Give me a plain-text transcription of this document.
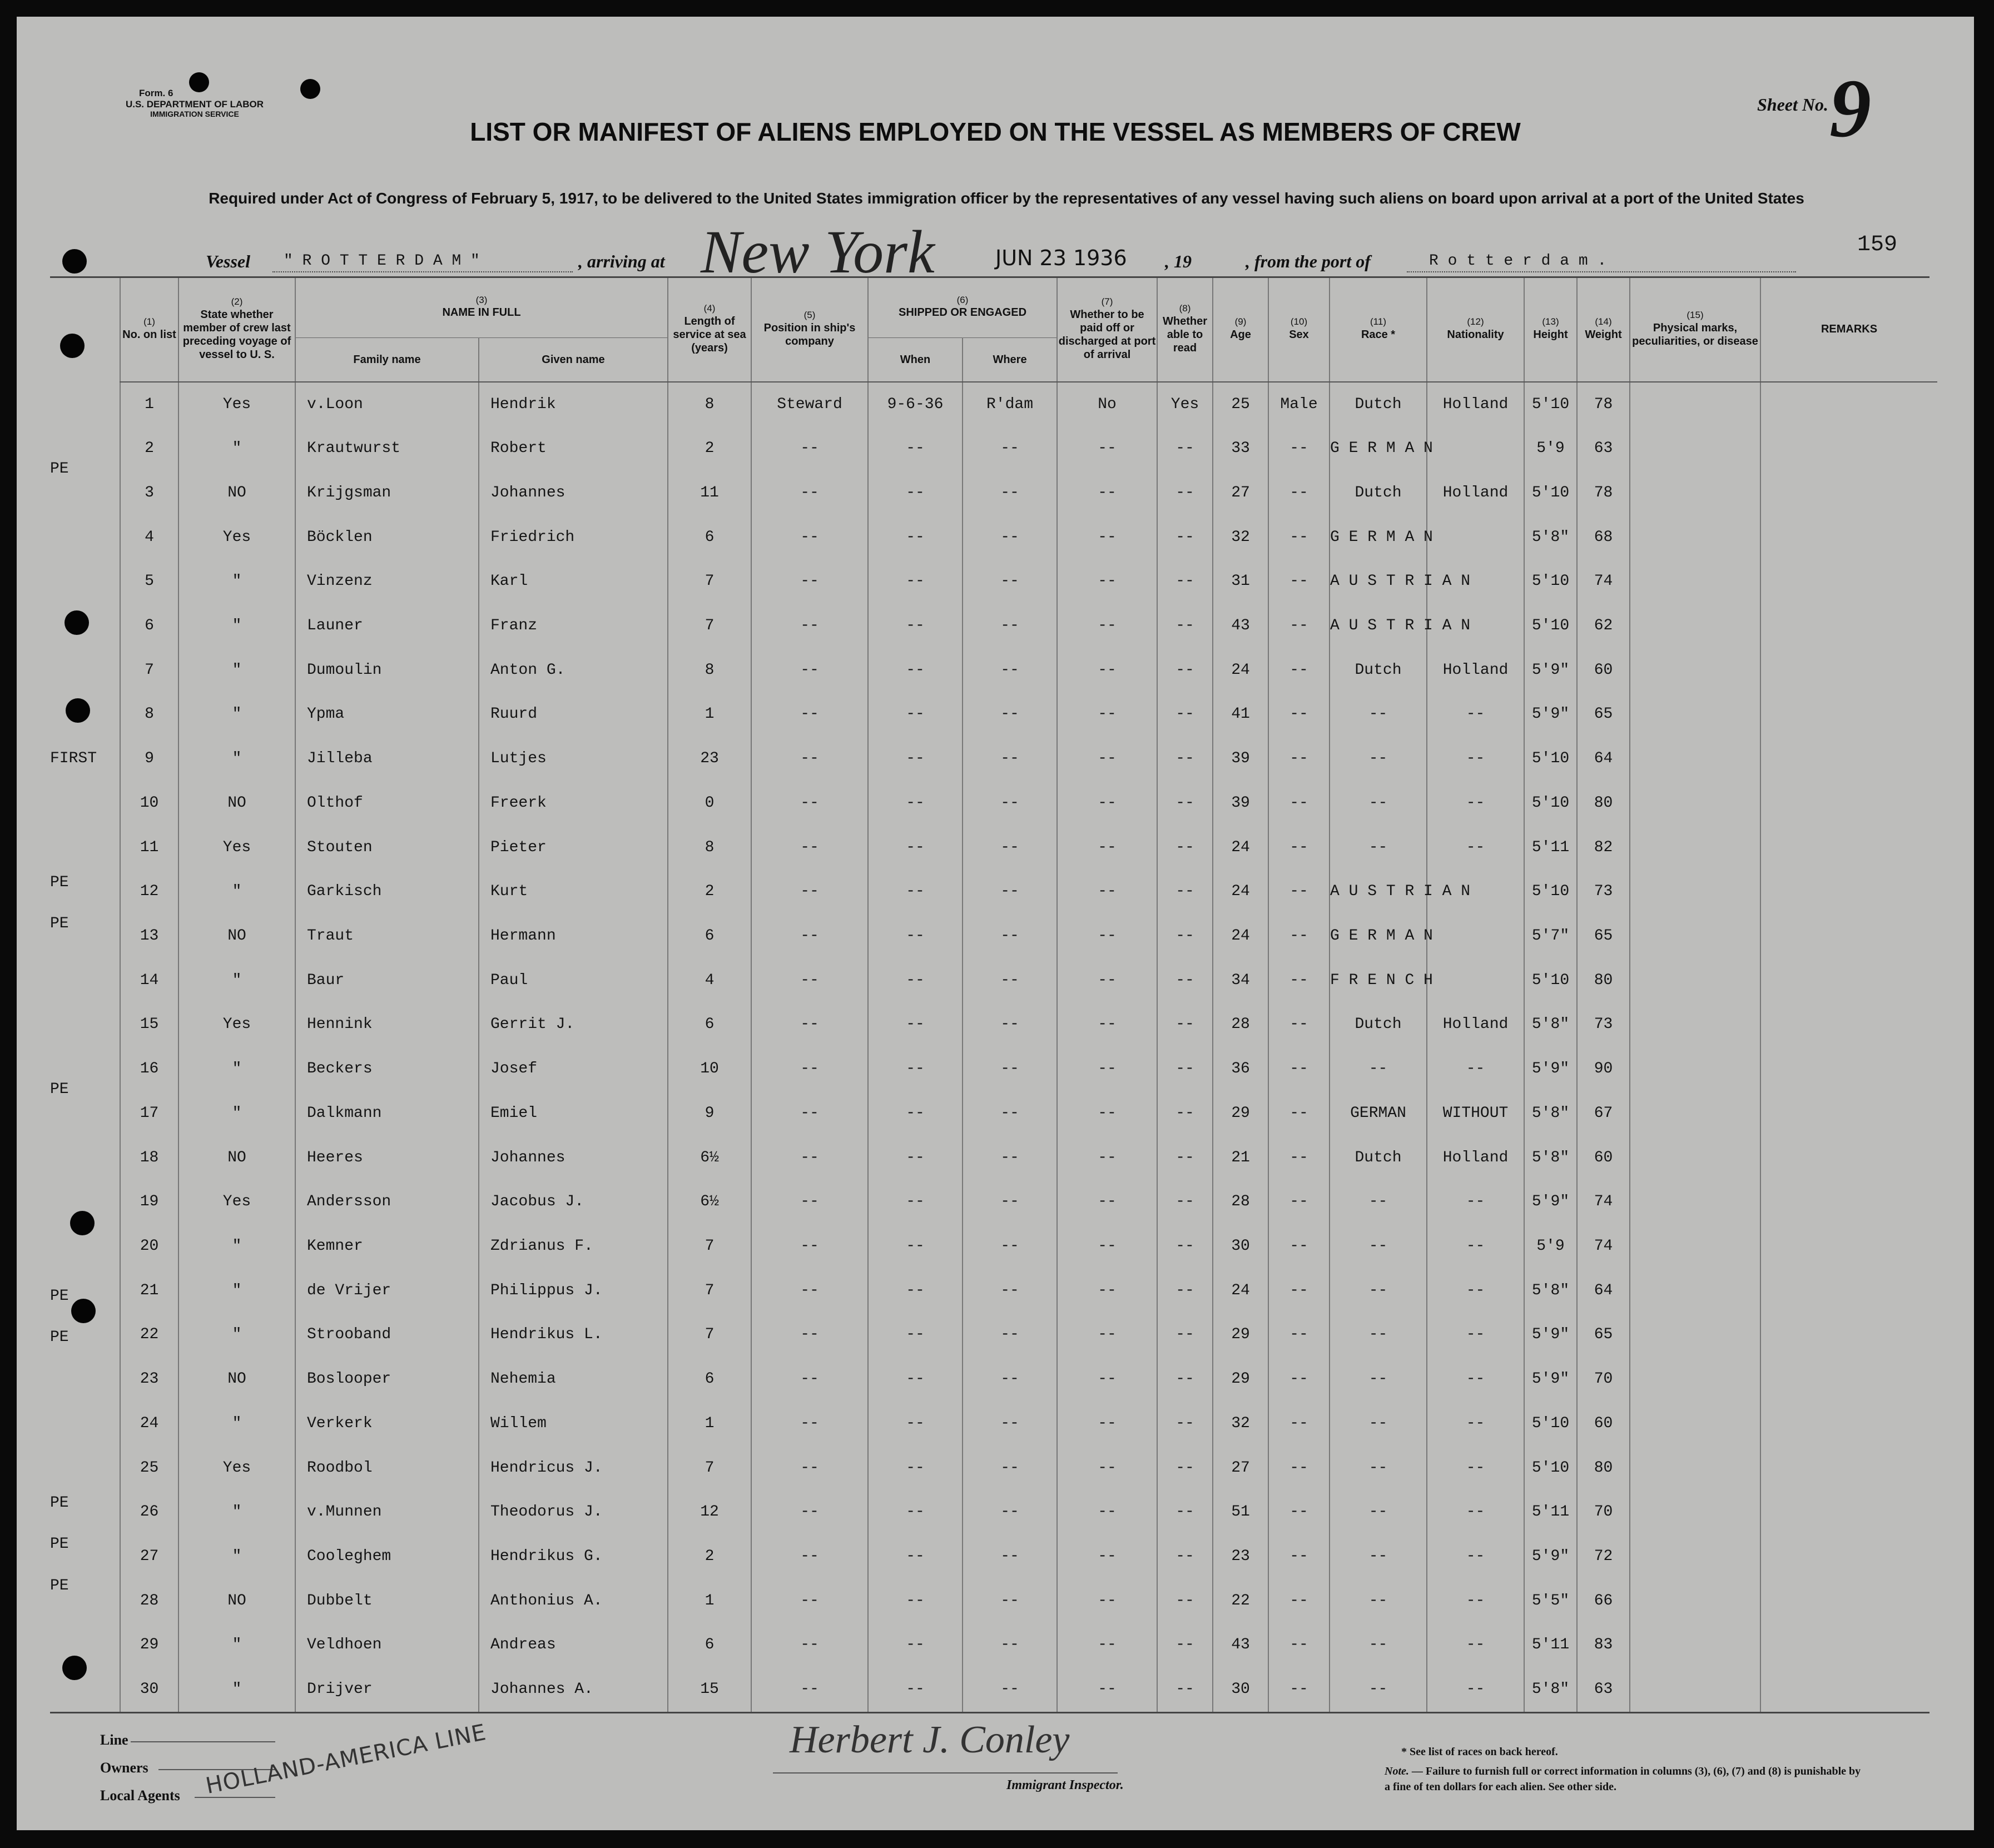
Form. 6
U.S. DEPARTMENT OF LABOR
IMMIGRATION SERVICE	Sheet No. 9
LIST OR MANIFEST OF ALIENS EMPLOYED ON THE VESSEL AS MEMBERS OF CREW
Required under Act of Congress of February 5, 1917, to be delivered to the United States immigration officer by the representatives of any vessel having such aliens on board upon arrival at a port of the United States
159
Vessel " R O T T E R D A M "	, arriving at New York	JUN 23 1936 , 19	, from the port of	R o t t e r d a m .
PE
FIRST
PE
PE
PE
PE
PE
PE
PE
PE
(1)
No. on list	(2)
State whether member of crew last preceding voyage of vessel to U. S.	(3)
NAME IN FULL		(4)
Length of service at sea (years)	(5)
Position in ship's company	(6)
SHIPPED OR ENGAGED		(7)
Whether to be paid off or discharged at port of arrival	(8)
Whether able to read	(9)
Age	(10)
Sex	(11)
Race *	(12)
Nationality	(13)
Height	(14)
Weight	(15)
Physical marks, peculiarities, or disease	REMARKS
		Family name	Given name			When	Where										
1	Yes	v.Loon	Hendrik	8	Steward	9-6-36	R'dam	No	Yes	25	Male	Dutch	Holland	5'10	78		
2	"	Krautwurst	Robert	2	--	--	--	--	--	33	--	G E R M A N		5'9	63		
3	NO	Krijgsman	Johannes	11	--	--	--	--	--	27	--	Dutch	Holland	5'10	78		
4	Yes	Böcklen	Friedrich	6	--	--	--	--	--	32	--	G E R M A N		5'8"	68		
5	"	Vinzenz	Karl	7	--	--	--	--	--	31	--	A U S T R I A N		5'10	74		
6	"	Launer	Franz	7	--	--	--	--	--	43	--	A U S T R I A N		5'10	62		
7	"	Dumoulin	Anton G.	8	--	--	--	--	--	24	--	Dutch	Holland	5'9"	60		
8	"	Ypma	Ruurd	1	--	--	--	--	--	41	--	--	--	5'9"	65		
9	"	Jilleba	Lutjes	23	--	--	--	--	--	39	--	--	--	5'10	64		
10	NO	Olthof	Freerk	0	--	--	--	--	--	39	--	--	--	5'10	80		
11	Yes	Stouten	Pieter	8	--	--	--	--	--	24	--	--	--	5'11	82		
12	"	Garkisch	Kurt	2	--	--	--	--	--	24	--	A U S T R I A N		5'10	73		
13	NO	Traut	Hermann	6	--	--	--	--	--	24	--	G E R M A N		5'7"	65		
14	"	Baur	Paul	4	--	--	--	--	--	34	--	F R E N C H		5'10	80		
15	Yes	Hennink	Gerrit J.	6	--	--	--	--	--	28	--	Dutch	Holland	5'8"	73		
16	"	Beckers	Josef	10	--	--	--	--	--	36	--	--	--	5'9"	90		
17	"	Dalkmann	Emiel	9	--	--	--	--	--	29	--	GERMAN	WITHOUT	5'8"	67		
18	NO	Heeres	Johannes	6½	--	--	--	--	--	21	--	Dutch	Holland	5'8"	60		
19	Yes	Andersson	Jacobus J.	6½	--	--	--	--	--	28	--	--	--	5'9"	74		
20	"	Kemner	Zdrianus F.	7	--	--	--	--	--	30	--	--	--	5'9	74		
21	"	de Vrijer	Philippus J.	7	--	--	--	--	--	24	--	--	--	5'8"	64		
22	"	Strooband	Hendrikus L.	7	--	--	--	--	--	29	--	--	--	5'9"	65		
23	NO	Boslooper	Nehemia	6	--	--	--	--	--	29	--	--	--	5'9"	70		
24	"	Verkerk	Willem	1	--	--	--	--	--	32	--	--	--	5'10	60		
25	Yes	Roodbol	Hendricus J.	7	--	--	--	--	--	27	--	--	--	5'10	80		
26	"	v.Munnen	Theodorus J.	12	--	--	--	--	--	51	--	--	--	5'11	70		
27	"	Cooleghem	Hendrikus G.	2	--	--	--	--	--	23	--	--	--	5'9"	72		
28	NO	Dubbelt	Anthonius A.	1	--	--	--	--	--	22	--	--	--	5'5"	66		
29	"	Veldhoen	Andreas	6	--	--	--	--	--	43	--	--	--	5'11	83		
30	"	Drijver	Johannes A.	15	--	--	--	--	--	30	--	--	--	5'8"	63		
Line
Owners
Local Agents HOLLAND-AMERICA LINE	Herbert J. Conley
Immigrant Inspector.
* See list of races on back hereof.
Note. — Failure to furnish full or correct information in columns (3), (6), (7) and (8) is punishable by a fine of ten dollars for each alien. See other side.
